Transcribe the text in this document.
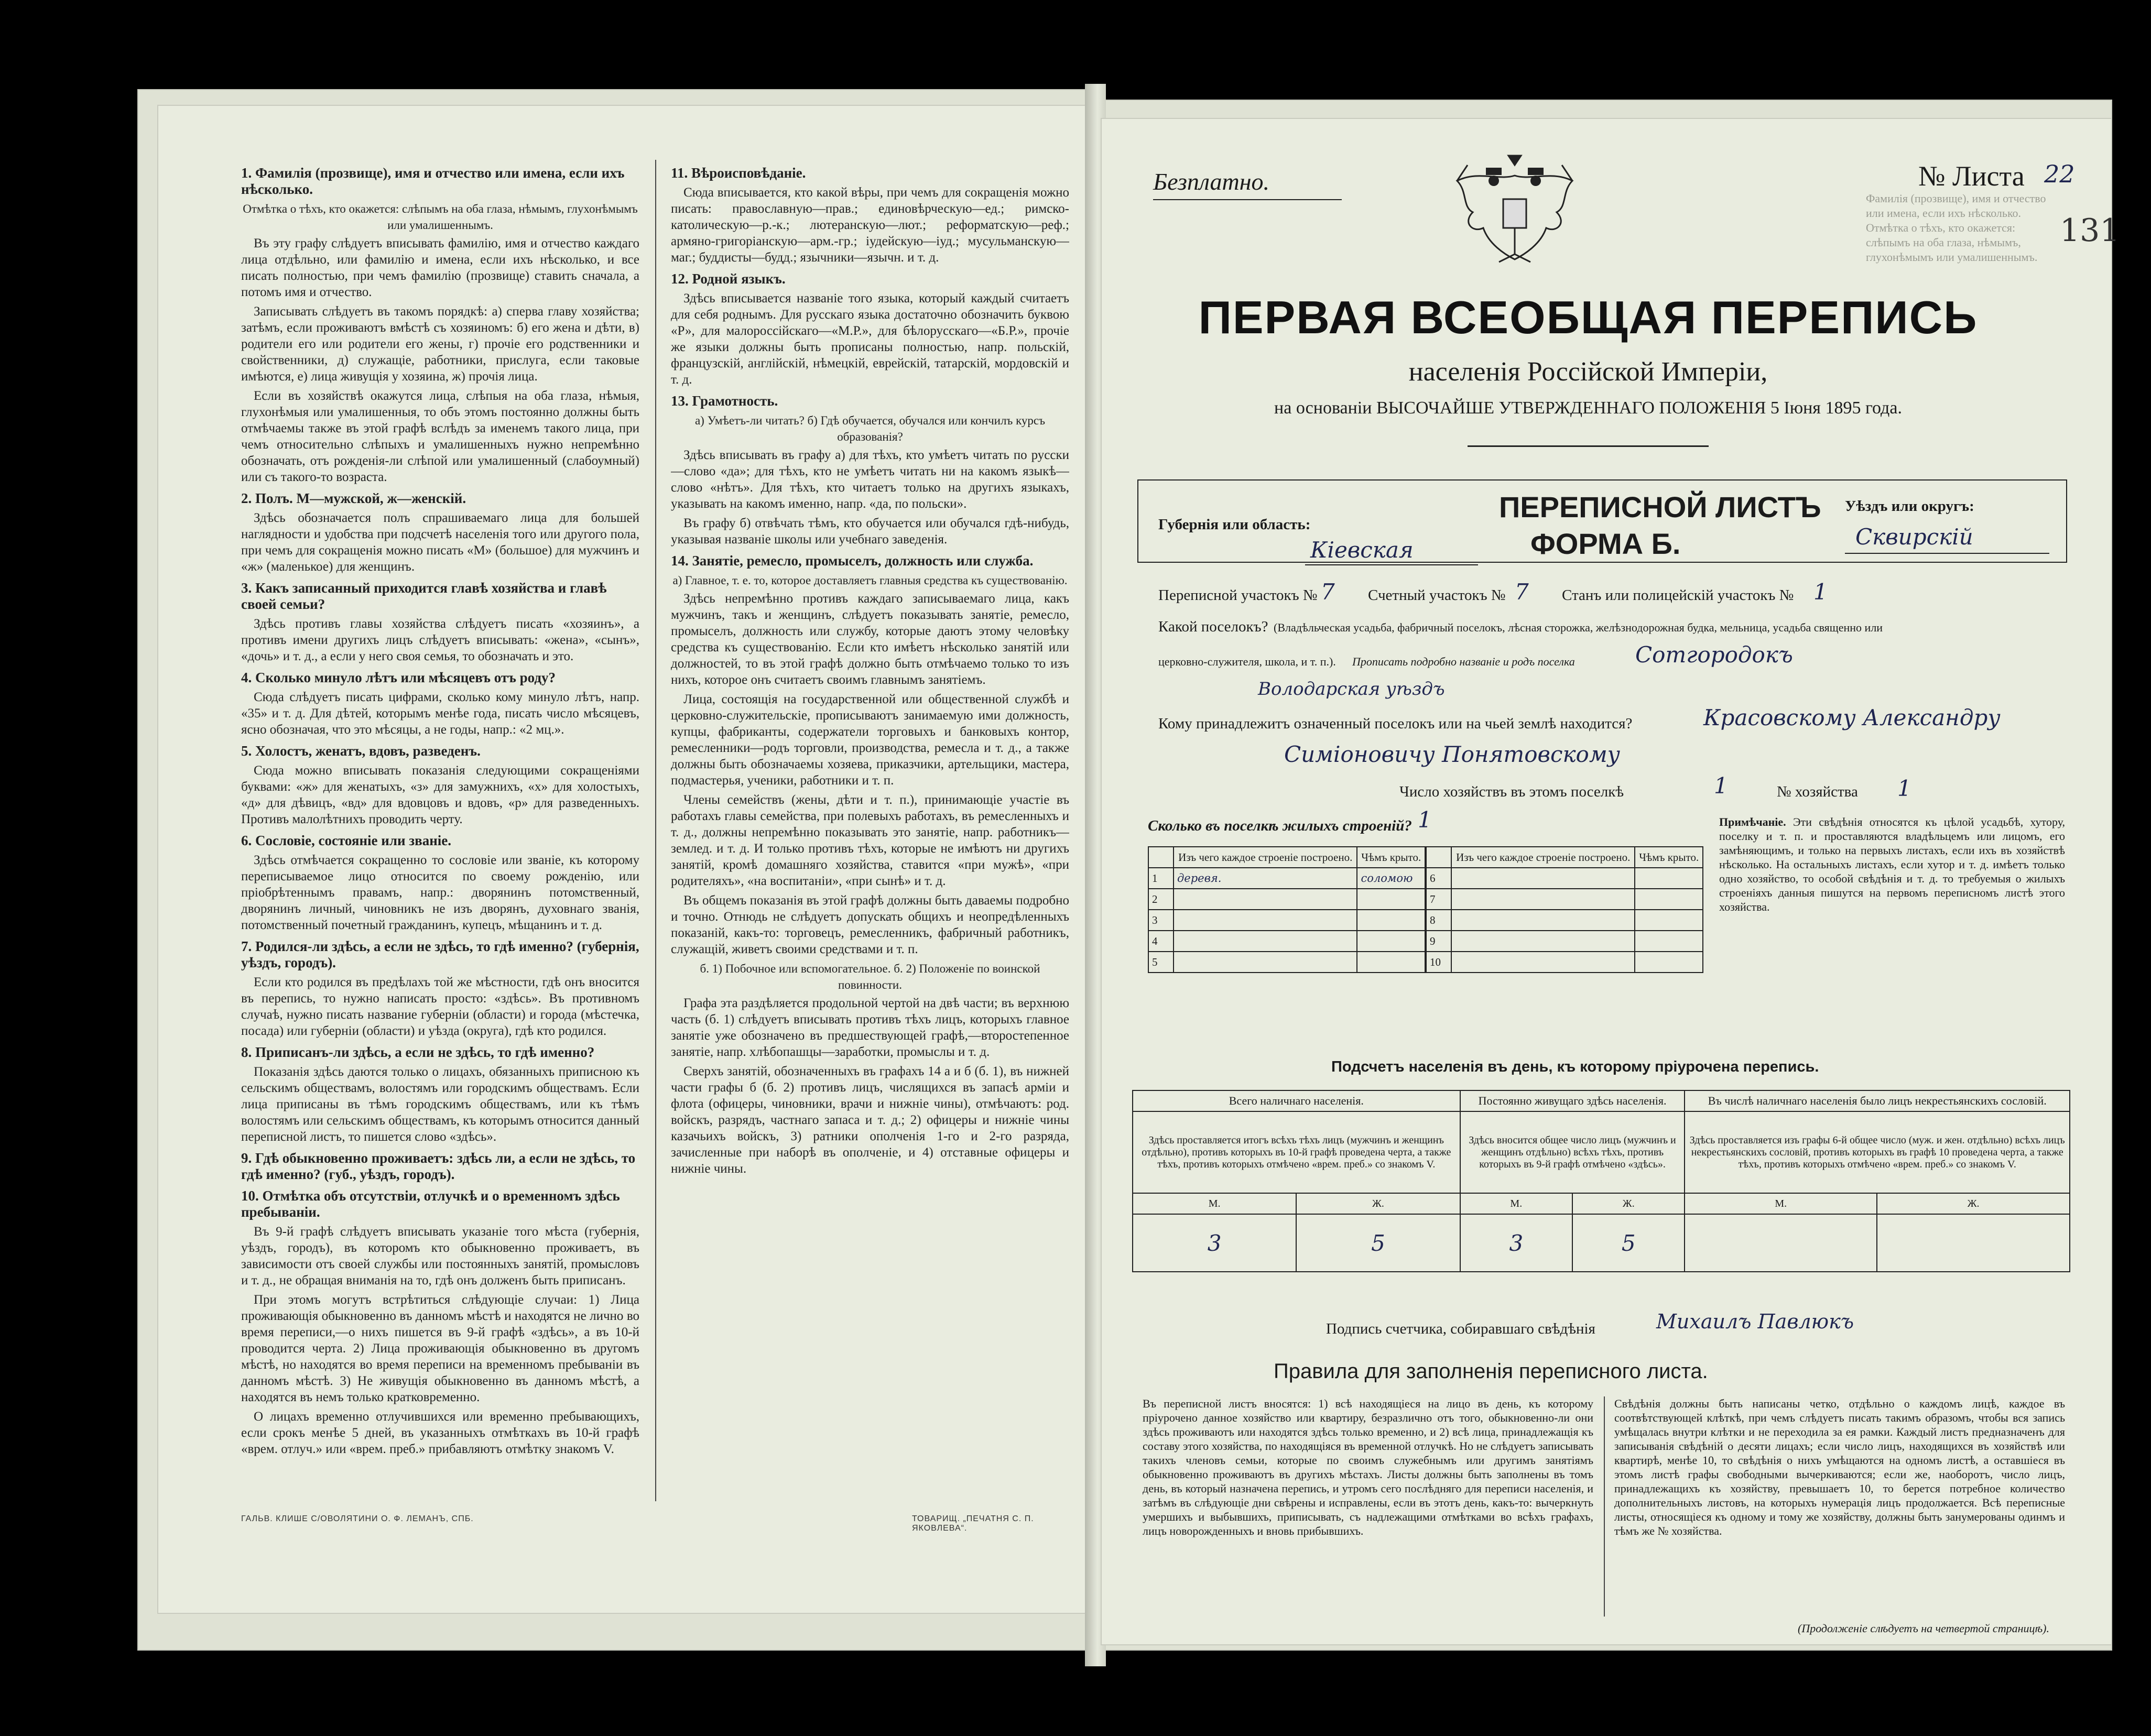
1. Фамилія (прозвище), имя и отчество или имена, если ихъ нѣсколько.
Отмѣтка о тѣхъ, кто окажется: слѣпымъ на оба глаза, нѣмымъ, глухонѣмымъ или умалишеннымъ.

Въ эту графу слѣдуетъ вписывать фамилію, имя и отчество каждаго лица отдѣльно, или фамилію и имена, если ихъ нѣсколько, и все писать полностью, при чемъ фамилію (прозвище) ставить сначала, а потомъ имя и отчество.

Записывать слѣдуетъ въ такомъ порядкѣ: а) сперва главу хозяйства; затѣмъ, если проживаютъ вмѣстѣ съ хозяиномъ: б) его жена и дѣти, в) родители его или родители его жены, г) прочіе его родственники и свойственники, д) служащіе, работники, прислуга, если таковые имѣются, е) лица живущія у хозяина, ж) прочія лица.

Если въ хозяйствѣ окажутся лица, слѣпыя на оба глаза, нѣмыя, глухонѣмыя или умалишенныя, то объ этомъ постоянно должны быть отмѣчаемы также въ этой графѣ вслѣдъ за именемъ такого лица, при чемъ относительно слѣпыхъ и умалишенныхъ нужно непремѣнно обозначать, отъ рожденія-ли слѣпой или умалишенный (слабоумный) или съ такого-то возраста.

2. Полъ. М—мужской, ж—женскій.

Здѣсь обозначается полъ спрашиваемаго лица для большей наглядности и удобства при подсчетѣ населенія того или другого пола, при чемъ для сокращенія можно писать «М» (большое) для мужчинъ и «ж» (маленькое) для женщинъ.

3. Какъ записанный приходится главѣ хозяйства и главѣ своей семьи?

Здѣсь противъ главы хозяйства слѣдуетъ писать «хозяинъ», а противъ имени другихъ лицъ слѣдуетъ вписывать: «жена», «сынъ», «дочь» и т. д., а если у него своя семья, то обозначать и это.

4. Сколько минуло лѣтъ или мѣсяцевъ отъ роду?

Сюда слѣдуетъ писать цифрами, сколько кому минуло лѣтъ, напр. «35» и т. д. Для дѣтей, которымъ менѣе года, писать число мѣсяцевъ, ясно обозначая, что это мѣсяцы, а не годы, напр.: «2 мц.».

5. Холостъ, женатъ, вдовъ, разведенъ.

Сюда можно вписывать показанія следующими сокращеніями буквами: «ж» для женатыхъ, «з» для замужнихъ, «х» для холостыхъ, «д» для дѣвицъ, «вд» для вдовцовъ и вдовъ, «р» для разведенныхъ. Противъ малолѣтнихъ проводить черту.

6. Сословіе, состояніе или званіе.

Здѣсь отмѣчается сокращенно то сословіе или званіе, къ которому переписываемое лицо относится по своему рожденію, или пріобрѣтеннымъ правамъ, напр.: дворянинъ потомственный, дворянинъ личный, чиновникъ не изъ дворянъ, духовнаго званія, потомственный почетный гражданинъ, купецъ, мѣщанинъ и т. д.

7. Родился-ли здѣсь, а если не здѣсь, то гдѣ именно? (губернія, уѣздъ, городъ).

Если кто родился въ предѣлахъ той же мѣстности, гдѣ онъ вносится въ перепись, то нужно написать просто: «здѣсь». Въ противномъ случаѣ, нужно писать название губерніи (области) и города (мѣстечка, посада) или губерніи (области) и уѣзда (округа), гдѣ кто родился.

8. Приписанъ-ли здѣсь, а если не здѣсь, то гдѣ именно?

Показанія здѣсь даются только о лицахъ, обязанныхъ приписною къ сельскимъ обществамъ, волостямъ или городскимъ обществамъ. Если лица приписаны въ тѣмъ городскимъ обществамъ, или къ тѣмъ волостямъ или сельскимъ обществамъ, къ которымъ относится данный переписной листъ, то пишется слово «здѣсь».

9. Гдѣ обыкновенно проживаетъ: здѣсь ли, а если не здѣсь, то гдѣ именно? (губ., уѣздъ, городъ).
10. Отмѣтка объ отсутствіи, отлучкѣ и о временномъ здѣсь пребываніи.

Въ 9-й графѣ слѣдуетъ вписывать указаніе того мѣста (губернія, уѣздъ, городъ), въ которомъ кто обыкновенно проживаетъ, въ зависимости отъ своей службы или постоянныхъ занятій, промысловъ и т. д., не обращая вниманія на то, гдѣ онъ долженъ быть приписанъ.

При этомъ могутъ встрѣтиться слѣдующіе случаи: 1) Лица проживающія обыкновенно въ данномъ мѣстѣ и находятся не лично во время переписи,—о нихъ пишется въ 9-й графѣ «здѣсь», а въ 10-й проводится черта. 2) Лица проживающія обыкновенно въ другомъ мѣстѣ, но находятся во время переписи на временномъ пребываніи въ данномъ мѣстѣ. 3) Не живущія обыкновенно въ данномъ мѣстѣ, а находятся въ немъ только кратковременно.

О лицахъ временно отлучившихся или временно пребывающихъ, если срокъ менѣе 5 дней, въ указанныхъ отмѣткахъ въ 10-й графѣ «врем. отлуч.» или «врем. преб.» прибавляютъ отмѣтку знакомъ V.

11. Вѣроисповѣданіе.

Сюда вписывается, кто какой вѣры, при чемъ для сокращенія можно писать: православную—прав.; единовѣрческую—ед.; римско-католическую—р.-к.; лютеранскую—лют.; реформатскую—реф.; армяно-григоріанскую—арм.-гр.; іудейскую—іуд.; мусульманскую—маг.; буддисты—будд.; язычники—язычн. и т. д.

12. Родной языкъ.

Здѣсь вписывается названіе того языка, который каждый считаетъ для себя роднымъ. Для русскаго языка достаточно обозначить буквою «Р», для малороссійскаго—«М.Р.», для бѣлорусскаго—«Б.Р.», прочіе же языки должны быть прописаны полностью, напр. польскій, французскій, англійскій, нѣмецкій, еврейскій, татарскій, мордовскій и т. д.

13. Грамотность.
а) Умѣетъ-ли читать? б) Гдѣ обучается, обучался или кончилъ курсъ образованія?

Здѣсь вписывать въ графу а) для тѣхъ, кто умѣетъ читать по русски—слово «да»; для тѣхъ, кто не умѣетъ читать ни на какомъ языкѣ—слово «нѣтъ». Для тѣхъ, кто читаетъ только на другихъ языкахъ, указывать на какомъ именно, напр. «да, по польски».

Въ графу б) отвѣчать тѣмъ, кто обучается или обучался гдѣ-нибудь, указывая названіе школы или учебнаго заведенія.

14. Занятіе, ремесло, промыселъ, должность или служба.
а) Главное, т. е. то, которое доставляетъ главныя средства къ существованію.

Здѣсь непремѣнно противъ каждаго записываемаго лица, какъ мужчинъ, такъ и женщинъ, слѣдуетъ показывать занятіе, ремесло, промыселъ, должность или службу, которые даютъ этому человѣку средства къ существованію. Если кто имѣетъ нѣсколько занятій или должностей, то въ этой графѣ должно быть отмѣчаемо только то изъ нихъ, которое онъ считаетъ своимъ главнымъ занятіемъ.

Лица, состоящія на государственной или общественной службѣ и церковно-служительскіе, прописываютъ занимаемую ими должность, купцы, фабриканты, содержатели торговыхъ и банковыхъ контор, ремесленники—родъ торговли, производства, ремесла и т. д., а также должны быть обозначаемы хозяева, приказчики, артельщики, мастера, подмастерья, ученики, работники и т. п.

Члены семействъ (жены, дѣти и т. п.), принимающіе участіе въ работахъ главы семейства, при полевыхъ работахъ, въ ремесленныхъ и т. д., должны непремѣнно показывать это занятіе, напр. работникъ—землед. и т. д. И только противъ тѣхъ, которые не имѣютъ ни другихъ занятій, кромѣ домашняго хозяйства, ставится «при мужѣ», «при родителяхъ», «на воспитаніи», «при сынѣ» и т. д.

Въ общемъ показанія въ этой графѣ должны быть даваемы подробно и точно. Отнюдь не слѣдуетъ допускать общихъ и неопредѣленныхъ показаній, какъ-то: торговецъ, ремесленникъ, фабричный работникъ, служащій, живетъ своими средствами и т. п.

б. 1) Побочное или вспомогательное. б. 2) Положеніе по воинской повинности.

Графа эта раздѣляется продольной чертой на двѣ части; въ верхнюю часть (б. 1) слѣдуетъ вписывать противъ тѣхъ лицъ, которыхъ главное занятіе уже обозначено въ предшествующей графѣ,—второстепенное занятіе, напр. хлѣбопашцы—заработки, промыслы и т. д.

Сверхъ занятій, обозначенныхъ въ графахъ 14 а и б (б. 1), въ нижней части графы б (б. 2) противъ лицъ, числящихся въ запасѣ арміи и флота (офицеры, чиновники, врачи и нижніе чины), отмѣчаютъ: род. войскъ, разрядъ, частнаго запаса и т. д.; 2) офицеры и нижніе чины казачьихъ войскъ, 3) ратники ополченія 1-го и 2-го разряда, зачисленные при наборѣ въ ополченіе, и 4) отставные офицеры и нижніе чины.

ГАЛЬВ. КЛИШЕ С/ОВОЛЯТИНИ О. Ф. ЛЕМАНЪ, СПБ.	ТОВАРИЩ. „ПЕЧАТНЯ С. П. ЯКОВЛЕВА“.
Фамилія (прозвище), имя и отчество или имена, если ихъ нѣсколько. Отмѣтка о тѣхъ, кто окажется: слѣпымъ на оба глаза, нѣмымъ, глухонѣмымъ или умалишеннымъ.
Безплатно.	№ Листа 22
131
ПЕРВАЯ ВСЕОБЩАЯ ПЕРЕПИСЬ
населенія Россійской Имперіи,
на основаніи ВЫСОЧАЙШЕ УТВЕРЖДЕННАГО ПОЛОЖЕНІЯ 5 Іюня 1895 года.
Губернія или область:
Кіевская
ПЕРЕПИСНОЙ ЛИСТЪ
ФОРМА Б.
Уѣздъ или округъ:
Сквирскій
Переписной участокъ № 7 Счетный участокъ № 7 Станъ или полицейскій участокъ № 1
Какой поселокъ? (Владѣльческая усадьба, фабричный поселокъ, лѣсная сторожка, желѣзнодорожная будка, мельница, усадьба священно или
церковно-служителя, школа, и т. п.). Прописать подробно названіе и родъ поселка	Сотгородокъ
Володарская уѣздъ
Кому принадлежитъ означенный поселокъ или на чьей землѣ находится?	Красовскому Александру
Симіоновичу Понятовскому
Число хозяйствъ въ этомъ поселкѣ	1	№ хозяйства 1
Сколько въ поселкѣ жилыхъ строеній? 1
	Изъ чего каждое строеніе построено.	Чѣмъ крыто.
1	деревя.	соломою
2		
3		
4		
5		
	Изъ чего каждое строеніе построено.	Чѣмъ крыто.
6		
7		
8		
9		
10		
Примѣчаніе. Эти свѣдѣнія относятся къ цѣлой усадьбѣ, хутору, поселку и т. п. и проставляются владѣльцемъ или лицомъ, его замѣняющимъ, и только на первыхъ листахъ, если ихъ въ хозяйствѣ нѣсколько. На остальныхъ листахъ, если хутор и т. д. имѣетъ только одно хозяйство, то особой свѣдѣнія и т. д. то требуемыя о жилыхъ строеніяхъ данныя пишутся на первомъ переписномъ листѣ этого хозяйства.
Подсчетъ населенія въ день, къ которому пріурочена перепись.
Всего наличнаго населенія.		Постоянно живущаго здѣсь населенія.		Въ числѣ наличнаго населенія было лицъ некрестьянскихъ сословій.	
Здѣсь проставляется итогъ всѣхъ тѣхъ лицъ (мужчинъ и женщинъ отдѣльно), противъ которыхъ въ 10-й графѣ проведена черта, а также тѣхъ, противъ которыхъ отмѣчено «врем. преб.» со знакомъ V.		Здѣсь вносится общее число лицъ (мужчинъ и женщинъ отдѣльно) всѣхъ тѣхъ, противъ которыхъ въ 9-й графѣ отмѣчено «здѣсь».		Здѣсь проставляется изъ графы 6-й общее число (муж. и жен. отдѣльно) всѣхъ лицъ некрестьянскихъ сословій, противъ которыхъ въ графѣ 10 проведена черта, а также тѣхъ, противъ которыхъ отмѣчено «врем. преб.» со знакомъ V.	
М.	Ж.	М.	Ж.	М.	Ж.
3	5	3	5		
Подпись счетчика, собиравшаго свѣдѣнія	Михаилъ Павлюкъ
Правила для заполненія переписного листа.
Въ переписной листъ вносятся: 1) всѣ находящіеся на лицо въ день, къ которому пріурочено данное хозяйство или квартиру, безразлично отъ того, обыкновенно-ли они здѣсь проживаютъ или находятся здѣсь только временно, и 2) всѣ лица, принадлежащія къ составу этого хозяйства, по находящіяся въ временной отлучкѣ. Но не слѣдуетъ записывать такихъ членовъ семьи, которые по своимъ служебнымъ или другимъ занятіямъ обыкновенно проживаютъ въ другихъ мѣстахъ. Листы должны быть заполнены въ томъ день, въ который назначена перепись, и утромъ сего послѣдняго для переписи населенія, и затѣмъ въ слѣдующіе дни свѣрены и исправлены, если въ этотъ день, какъ-то: вычеркнуть умершихъ и выбывшихъ, приписывать, съ надлежащими отмѣтками во всѣхъ графахъ, лицъ новорожденныхъ и вновь прибывшихъ.
Свѣдѣнія должны быть написаны четко, отдѣльно о каждомъ лицѣ, каждое въ соотвѣтствующей клѣткѣ, при чемъ слѣдуетъ писать такимъ образомъ, чтобы вся запись умѣщалась внутри клѣтки и не переходила за ея рамки. Каждый листъ предназначенъ для записыванія свѣдѣній о десяти лицахъ; если число лицъ, находящихся въ хозяйствѣ или квартирѣ, менѣе 10, то свѣдѣнія о нихъ умѣщаются на одномъ листѣ, а оставшіеся въ этомъ листѣ графы свободными вычеркиваются; если же, наоборотъ, число лицъ, принадлежащихъ къ хозяйству, превышаетъ 10, то берется потребное количество дополнительныхъ листовъ, на которыхъ нумерація лицъ продолжается. Всѣ переписные листы, относящіеся къ одному и тому же хозяйству, должны быть занумерованы одинмъ и тѣмъ же № хозяйства.
(Продолженіе слѣдуетъ на четвертой страницѣ).
